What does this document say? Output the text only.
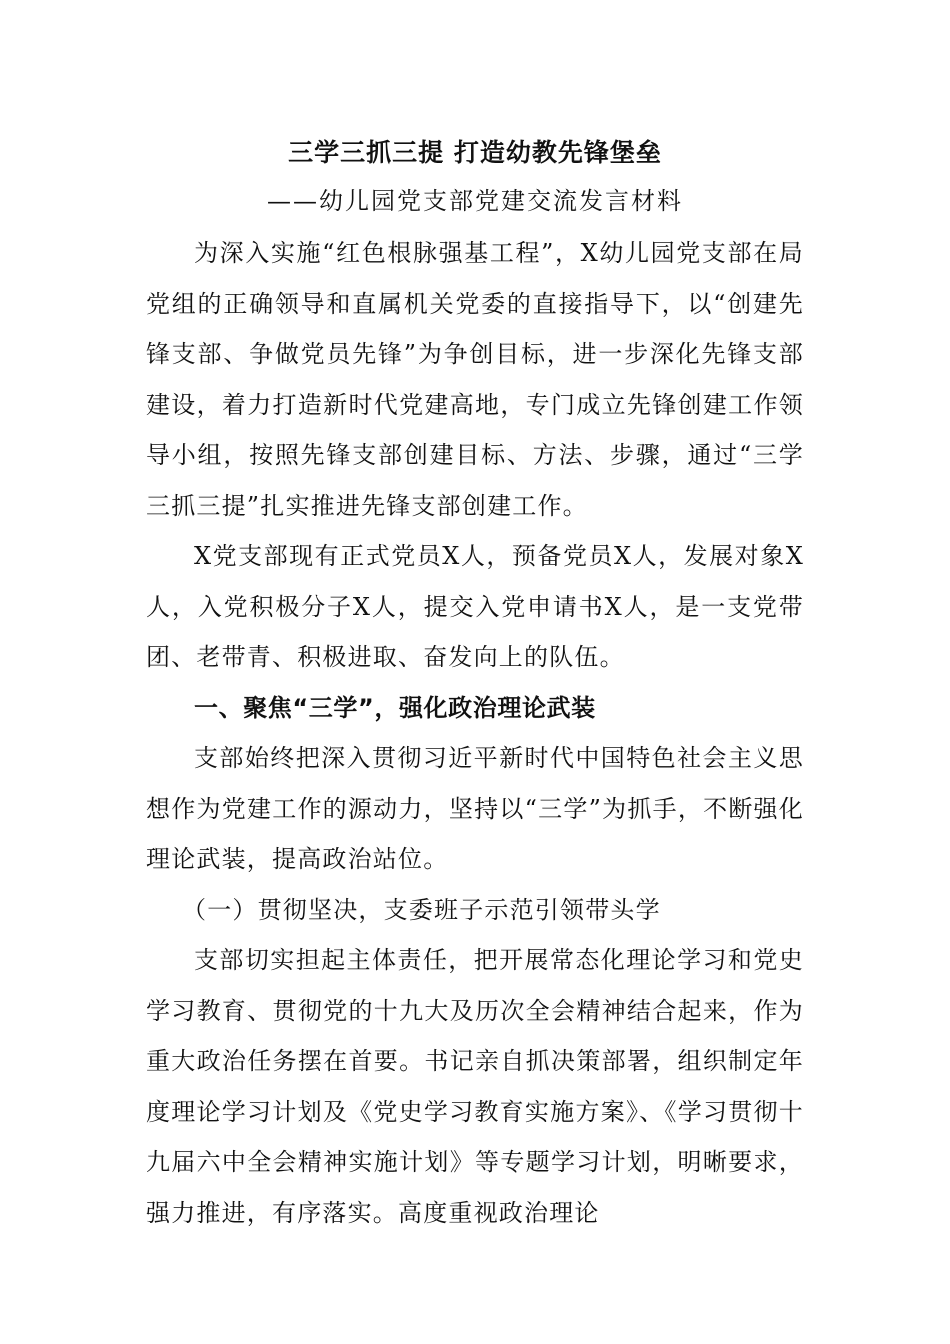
三学三抓三提 打造幼教先锋堡垒
——幼儿园党支部党建交流发言材料

为深入实施“红色根脉强基工程”，X幼儿园党支部在局党组的正确领导和直属机关党委的直接指导下，以“创建先锋支部、争做党员先锋”为争创目标，进一步深化先锋支部建设，着力打造新时代党建高地，专门成立先锋创建工作领导小组，按照先锋支部创建目标、方法、步骤，通过“三学三抓三提”扎实推进先锋支部创建工作。

X党支部现有正式党员X人，预备党员X人，发展对象X人，入党积极分子X人，提交入党申请书X人，是一支党带团、老带青、积极进取、奋发向上的队伍。

一、聚焦“三学”，强化政治理论武装

支部始终把深入贯彻习近平新时代中国特色社会主义思想作为党建工作的源动力，坚持以“三学”为抓手，不断强化理论武装，提高政治站位。

（一）贯彻坚决，支委班子示范引领带头学

支部切实担起主体责任，把开展常态化理论学习和党史学习教育、贯彻党的十九大及历次全会精神结合起来，作为重大政治任务摆在首要。书记亲自抓决策部署，组织制定年度理论学习计划及《党史学习教育实施方案》、《学习贯彻十九届六中全会精神实施计划》等专题学习计划，明晰要求，强力推进，有序落实。高度重视政治理论
